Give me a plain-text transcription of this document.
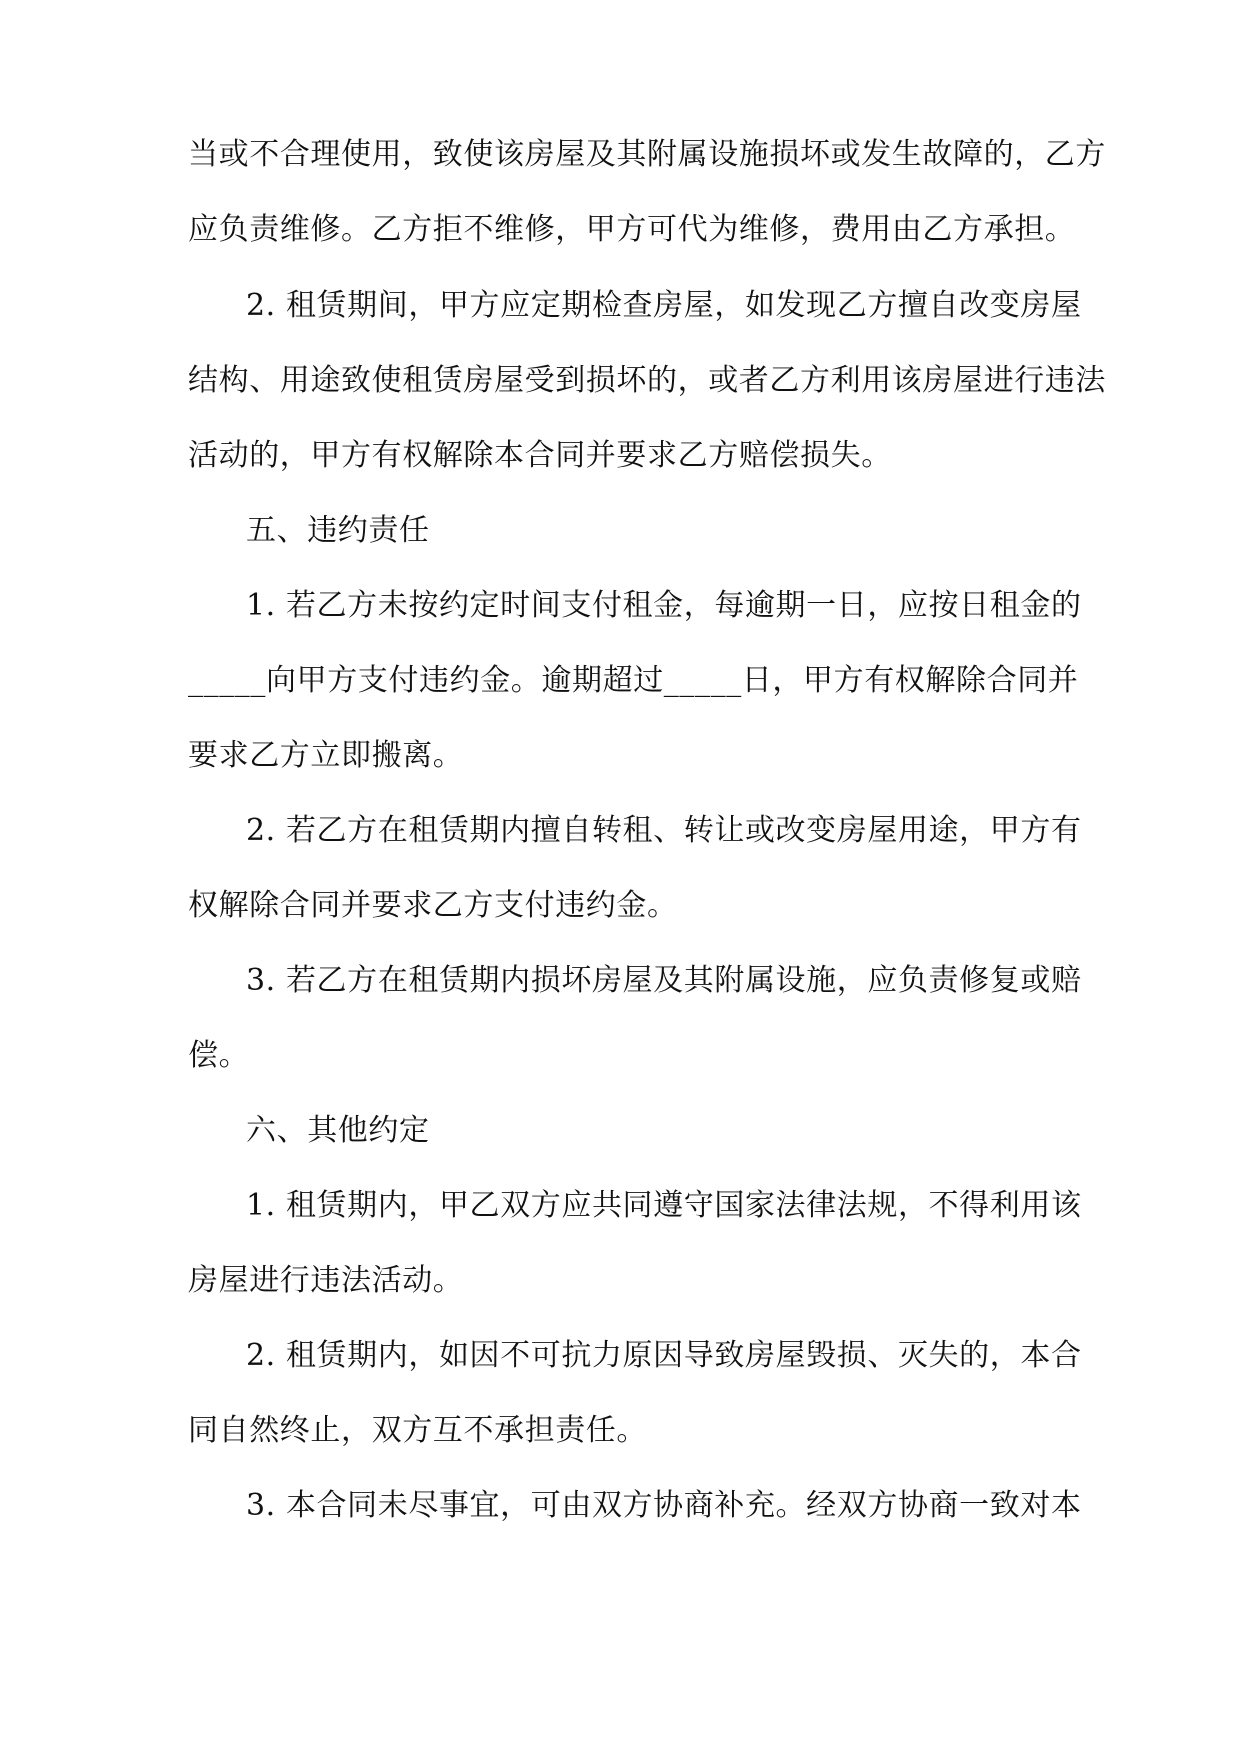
当或不合理使用，致使该房屋及其附属设施损坏或发生故障的，乙方
应负责维修。乙方拒不维修，甲方可代为维修，费用由乙方承担。
2. 租赁期间，甲方应定期检查房屋，如发现乙方擅自改变房屋
结构、用途致使租赁房屋受到损坏的，或者乙方利用该房屋进行违法
活动的，甲方有权解除本合同并要求乙方赔偿损失。
五、违约责任
1. 若乙方未按约定时间支付租金，每逾期一日，应按日租金的
_____向甲方支付违约金。逾期超过_____日，甲方有权解除合同并
要求乙方立即搬离。
2. 若乙方在租赁期内擅自转租、转让或改变房屋用途，甲方有
权解除合同并要求乙方支付违约金。
3. 若乙方在租赁期内损坏房屋及其附属设施，应负责修复或赔
偿。
六、其他约定
1. 租赁期内，甲乙双方应共同遵守国家法律法规，不得利用该
房屋进行违法活动。
2. 租赁期内，如因不可抗力原因导致房屋毁损、灭失的，本合
同自然终止，双方互不承担责任。
3. 本合同未尽事宜，可由双方协商补充。经双方协商一致对本
